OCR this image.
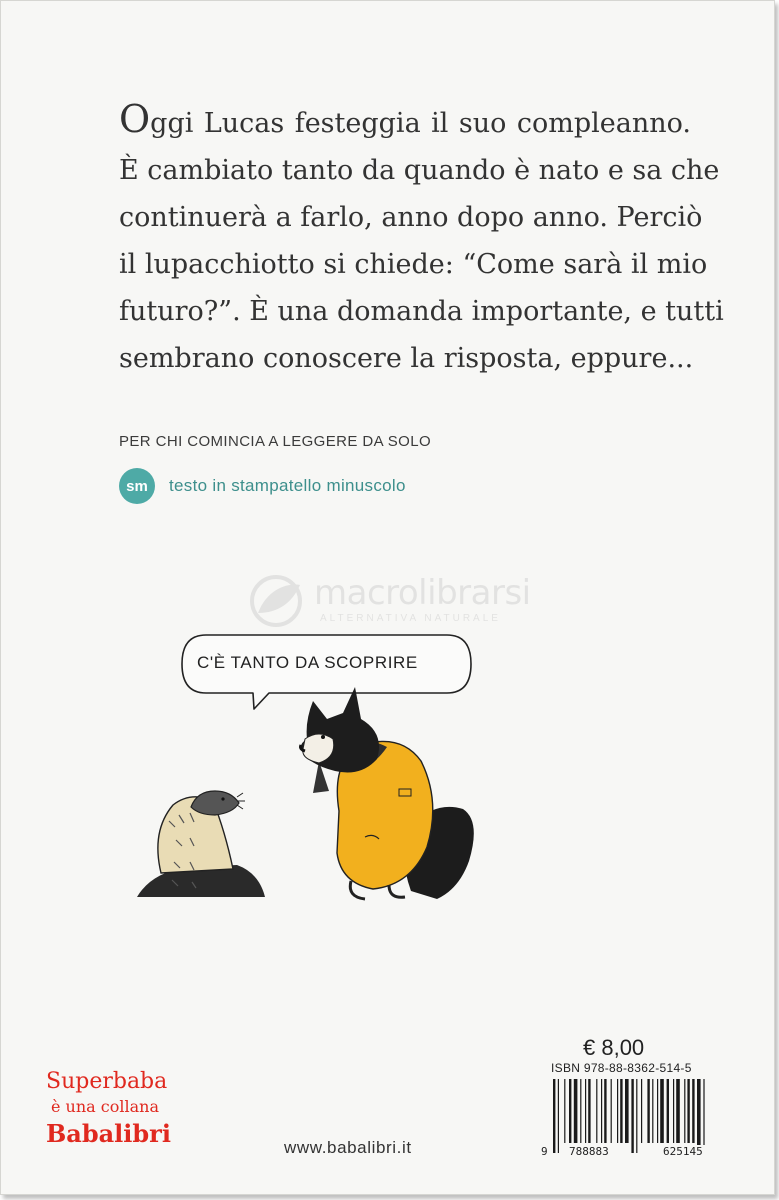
Oggi Lucas festeggia il suo compleanno.
È cambiato tanto da quando è nato e sa che
continuerà a farlo, anno dopo anno. Perciò
il lupacchiotto si chiede: “Come sarà il mio
futuro?”. È una domanda importante, e tutti
sembrano conoscere la risposta, eppure...
PER CHI COMINCIA A LEGGERE DA SOLO
sm	testo in stampatello minuscolo
macrolibrarsi
ALTERNATIVA NATURALE
C'È TANTO DA SCOPRIRE
Superbaba
è una collana
Babalibri	www.babalibri.it
€ 8,00
ISBN 978-88-8362-514-5
9 788883	625145
